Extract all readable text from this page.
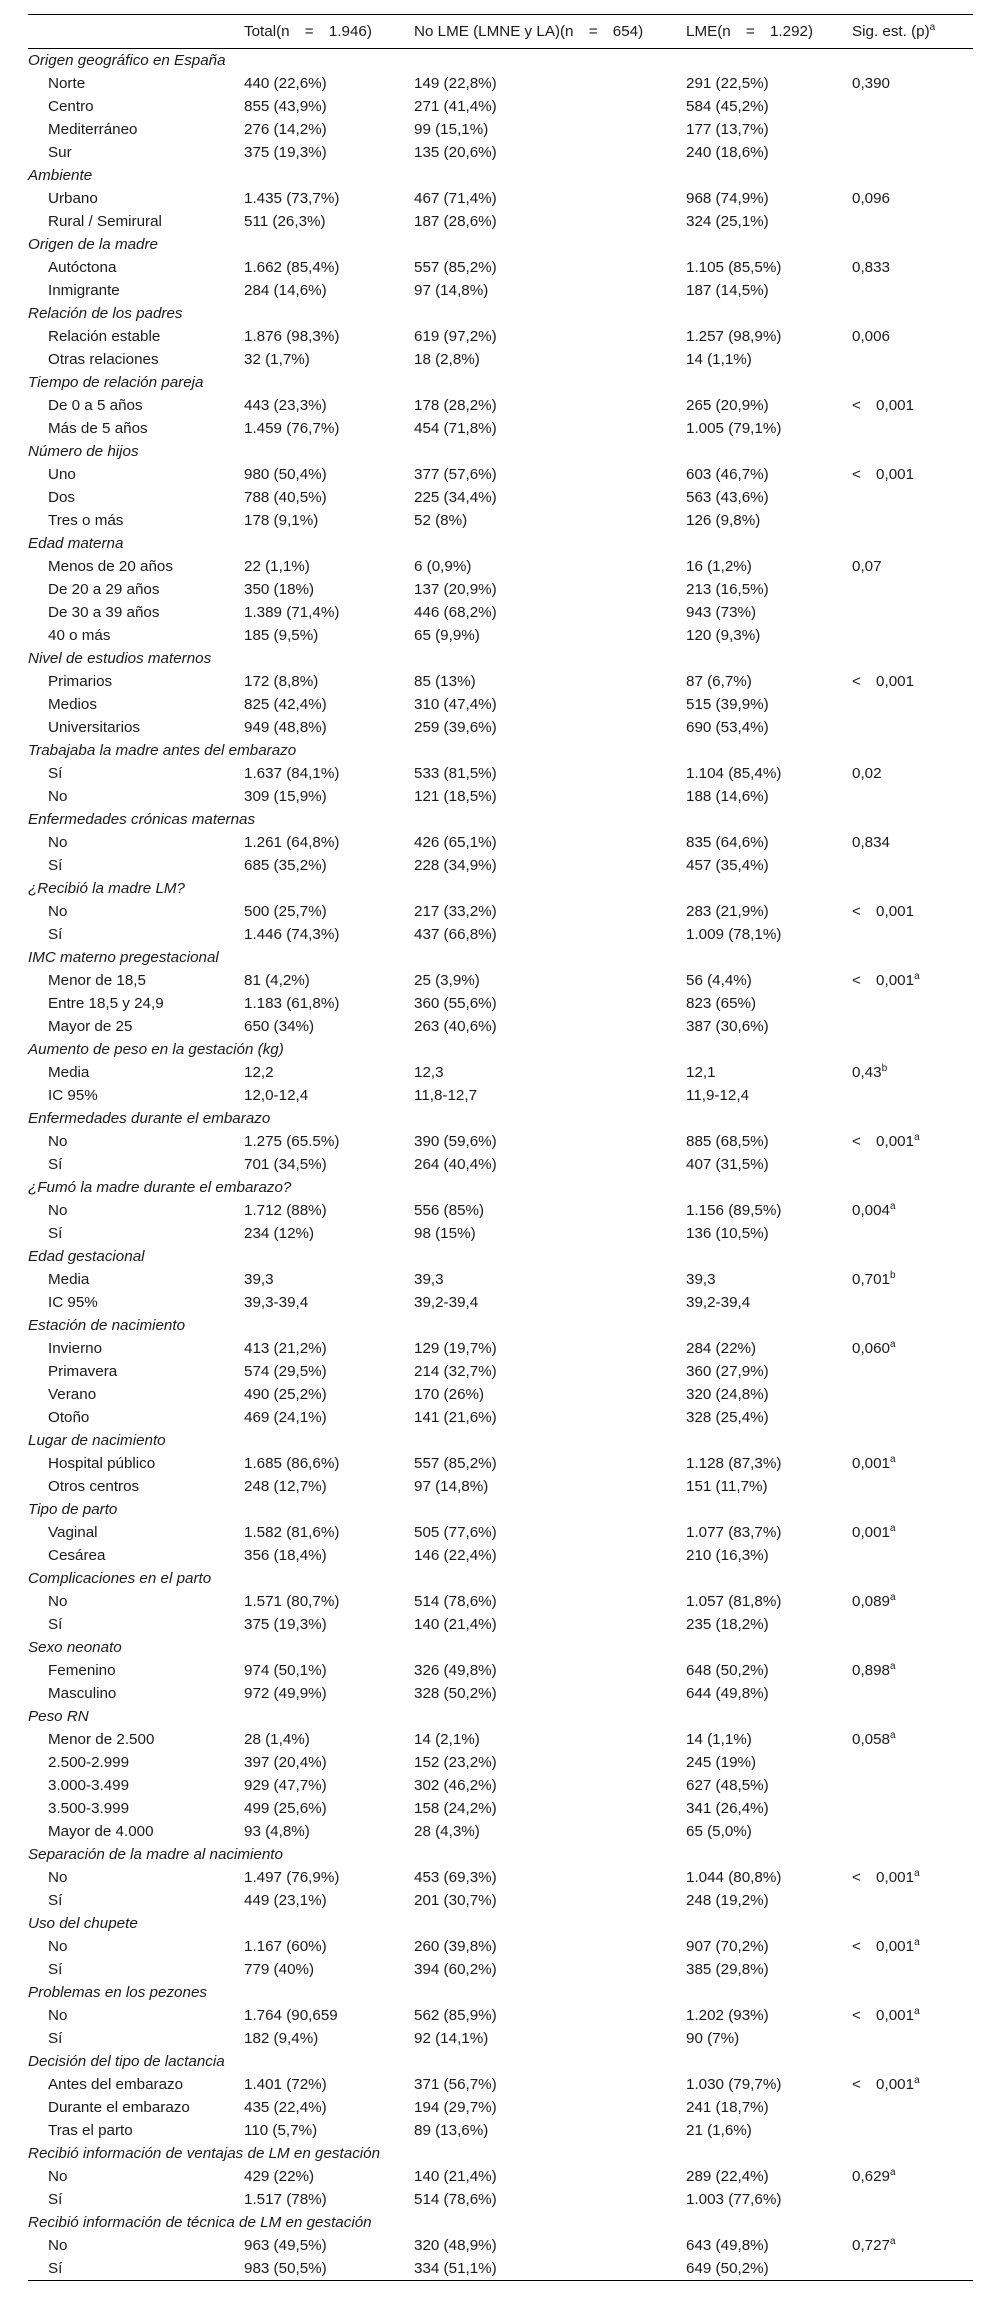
	Total(n = 1.946)	No LME (LMNE y LA)(n = 654)	LME(n = 1.292)	Sig. est. $(p)^a$
Origen geográfico en España				
Norte	440 (22,6%)	149 (22,8%)	291 (22,5%)	0,390
Centro	855 (43,9%)	271 (41,4%)	584 (45,2%)	
Mediterráneo	276 (14,2%)	99 (15,1%)	177 (13,7%)	
Sur	375 (19,3%)	135 (20,6%)	240 (18,6%)	
Ambiente				
Urbano	1.435 (73,7%)	467 (71,4%)	968 (74,9%)	0,096
Rural / Semirural	511 (26,3%)	187 (28,6%)	324 (25,1%)	
Origen de la madre				
Autóctona	1.662 (85,4%)	557 (85,2%)	1.105 (85,5%)	0,833
Inmigrante	284 (14,6%)	97 (14,8%)	187 (14,5%)	
Relación de los padres				
Relación estable	1.876 (98,3%)	619 (97,2%)	1.257 (98,9%)	0,006
Otras relaciones	32 (1,7%)	18 (2,8%)	14 (1,1%)	
Tiempo de relación pareja				
De 0 a 5 años	443 (23,3%)	178 (28,2%)	265 (20,9%)	< 0,001
Más de 5 años	1.459 (76,7%)	454 (71,8%)	1.005 (79,1%)	
Número de hijos				
Uno	980 (50,4%)	377 (57,6%)	603 (46,7%)	< 0,001
Dos	788 (40,5%)	225 (34,4%)	563 (43,6%)	
Tres o más	178 (9,1%)	52 (8%)	126 (9,8%)	
Edad materna				
Menos de 20 años	22 (1,1%)	6 (0,9%)	16 (1,2%)	0,07
De 20 a 29 años	350 (18%)	137 (20,9%)	213 (16,5%)	
De 30 a 39 años	1.389 (71,4%)	446 (68,2%)	943 (73%)	
40 o más	185 (9,5%)	65 (9,9%)	120 (9,3%)	
Nivel de estudios maternos				
Primarios	172 (8,8%)	85 (13%)	87 (6,7%)	< 0,001
Medios	825 (42,4%)	310 (47,4%)	515 (39,9%)	
Universitarios	949 (48,8%)	259 (39,6%)	690 (53,4%)	
Trabajaba la madre antes del embarazo				
Sí	1.637 (84,1%)	533 (81,5%)	1.104 (85,4%)	0,02
No	309 (15,9%)	121 (18,5%)	188 (14,6%)	
Enfermedades crónicas maternas				
No	1.261 (64,8%)	426 (65,1%)	835 (64,6%)	0,834
Sí	685 (35,2%)	228 (34,9%)	457 (35,4%)	
¿Recibió la madre LM?				
No	500 (25,7%)	217 (33,2%)	283 (21,9%)	< 0,001
Sí	1.446 (74,3%)	437 (66,8%)	1.009 (78,1%)	
IMC materno pregestacional				
Menor de 18,5	81 (4,2%)	25 (3,9%)	56 (4,4%)	< 0,001$^a$
Entre 18,5 y 24,9	1.183 (61,8%)	360 (55,6%)	823 (65%)	
Mayor de 25	650 (34%)	263 (40,6%)	387 (30,6%)	
Aumento de peso en la gestación (kg)				
Media	12,2	12,3	12,1	0,43$^b$
IC 95%	12,0-12,4	11,8-12,7	11,9-12,4	
Enfermedades durante el embarazo				
No	1.275 (65.5%)	390 (59,6%)	885 (68,5%)	< 0,001$^a$
Sí	701 (34,5%)	264 (40,4%)	407 (31,5%)	
¿Fumó la madre durante el embarazo?				
No	1.712 (88%)	556 (85%)	1.156 (89,5%)	0,004$^a$
Sí	234 (12%)	98 (15%)	136 (10,5%)	
Edad gestacional				
Media	39,3	39,3	39,3	0,701$^b$
IC 95%	39,3-39,4	39,2-39,4	39,2-39,4	
Estación de nacimiento				
Invierno	413 (21,2%)	129 (19,7%)	284 (22%)	0,060$^a$
Primavera	574 (29,5%)	214 (32,7%)	360 (27,9%)	
Verano	490 (25,2%)	170 (26%)	320 (24,8%)	
Otoño	469 (24,1%)	141 (21,6%)	328 (25,4%)	
Lugar de nacimiento				
Hospital público	1.685 (86,6%)	557 (85,2%)	1.128 (87,3%)	0,001$^a$
Otros centros	248 (12,7%)	97 (14,8%)	151 (11,7%)	
Tipo de parto				
Vaginal	1.582 (81,6%)	505 (77,6%)	1.077 (83,7%)	0,001$^a$
Cesárea	356 (18,4%)	146 (22,4%)	210 (16,3%)	
Complicaciones en el parto				
No	1.571 (80,7%)	514 (78,6%)	1.057 (81,8%)	0,089$^a$
Sí	375 (19,3%)	140 (21,4%)	235 (18,2%)	
Sexo neonato				
Femenino	974 (50,1%)	326 (49,8%)	648 (50,2%)	0,898$^a$
Masculino	972 (49,9%)	328 (50,2%)	644 (49,8%)	
Peso RN				
Menor de 2.500	28 (1,4%)	14 (2,1%)	14 (1,1%)	0,058$^a$
2.500-2.999	397 (20,4%)	152 (23,2%)	245 (19%)	
3.000-3.499	929 (47,7%)	302 (46,2%)	627 (48,5%)	
3.500-3.999	499 (25,6%)	158 (24,2%)	341 (26,4%)	
Mayor de 4.000	93 (4,8%)	28 (4,3%)	65 (5,0%)	
Separación de la madre al nacimiento				
No	1.497 (76,9%)	453 (69,3%)	1.044 (80,8%)	< 0,001$^a$
Sí	449 (23,1%)	201 (30,7%)	248 (19,2%)	
Uso del chupete				
No	1.167 (60%)	260 (39,8%)	907 (70,2%)	< 0,001$^a$
Sí	779 (40%)	394 (60,2%)	385 (29,8%)	
Problemas en los pezones				
No	1.764 (90,659	562 (85,9%)	1.202 (93%)	< 0,001$^a$
Sí	182 (9,4%)	92 (14,1%)	90 (7%)	
Decisión del tipo de lactancia				
Antes del embarazo	1.401 (72%)	371 (56,7%)	1.030 (79,7%)	< 0,001$^a$
Durante el embarazo	435 (22,4%)	194 (29,7%)	241 (18,7%)	
Tras el parto	110 (5,7%)	89 (13,6%)	21 (1,6%)	
Recibió información de ventajas de LM en gestación				
No	429 (22%)	140 (21,4%)	289 (22,4%)	0,629$^a$
Sí	1.517 (78%)	514 (78,6%)	1.003 (77,6%)	
Recibió información de técnica de LM en gestación				
No	963 (49,5%)	320 (48,9%)	643 (49,8%)	0,727$^a$
Sí	983 (50,5%)	334 (51,1%)	649 (50,2%)	
